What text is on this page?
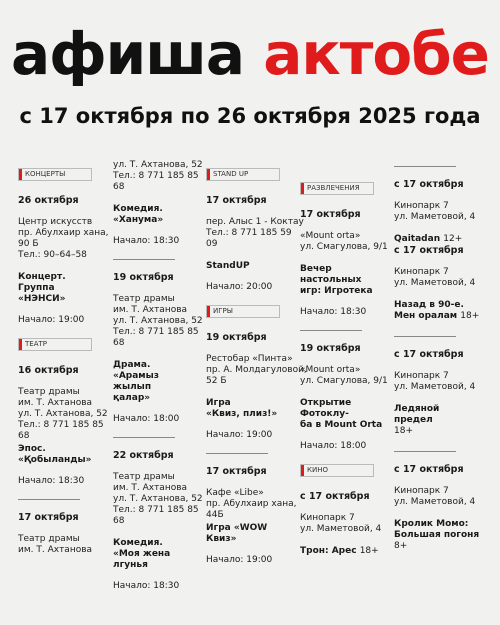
афиша актобе
с 17 октября по 26 октября 2025 года
КОНЦЕРТЫ
26 октября
Центр искусств
пр. Абулхаир хана,
90 Б
Тел.: 90–64–58
Концерт.
Группа «НЭНСИ»
Начало: 19:00
ТЕАТР
16 октября
Театр драмы
им. Т. Ахтанова
ул. Т. Ахтанова, 52
Тел.: 8 771 185 85
68
Эпос.
«Қобыланды»
Начало: 18:30
17 октября
Театр драмы
им. Т. Ахтанова
ул. Т. Ахтанова, 52
Тел.: 8 771 185 85
68
Комедия.
«Ханума»
Начало: 18:30
19 октября
Театр драмы
им. Т. Ахтанова
ул. Т. Ахтанова, 52
Тел.: 8 771 185 85
68
Драма.
«Арамыз жылып
қалар»
Начало: 18:00
22 октября
Театр драмы
им. Т. Ахтанова
ул. Т. Ахтанова, 52
Тел.: 8 771 185 85
68
Комедия.
«Моя жена лгунья
Начало: 18:30
STAND UP
17 октября
пер. Алыс 1 - Коктау
Тел.: 8 771 185 59
09
StandUP
Начало: 20:00
ИГРЫ
19 октября
Рестобар «Пинта»
пр. А. Молдагуловой,
52 Б
Игра
«Квиз, плиз!»
Начало: 19:00
17 октября
Кафе «Libe»
пр. Абулхаир хана,
44Б
Игра «WOW Квиз»
Начало: 19:00
РАЗВЛЕЧЕНИЯ
17 октября
«Mount orta»
ул. Смагулова, 9/1
Вечер настольных
игр: Игротека
Начало: 18:30
19 октября
«Mount orta»
ул. Смагулова, 9/1
Открытие Фотоклу-
ба в Mount Orta
Начало: 18:00
КИНО
с 17 октября
Кинопарк 7
ул. Маметовой, 4
Трон: Арес 18+
с 17 октября
Кинопарк 7
ул. Маметовой, 4
Qaitadan 12+
с 17 октября
Кинопарк 7
ул. Маметовой, 4
Назад в 90-е.
Мен оралам 18+
с 17 октября
Кинопарк 7
ул. Маметовой, 4
Ледяной предел
18+
с 17 октября
Кинопарк 7
ул. Маметовой, 4
Кролик Момо:
Большая погоня
8+
